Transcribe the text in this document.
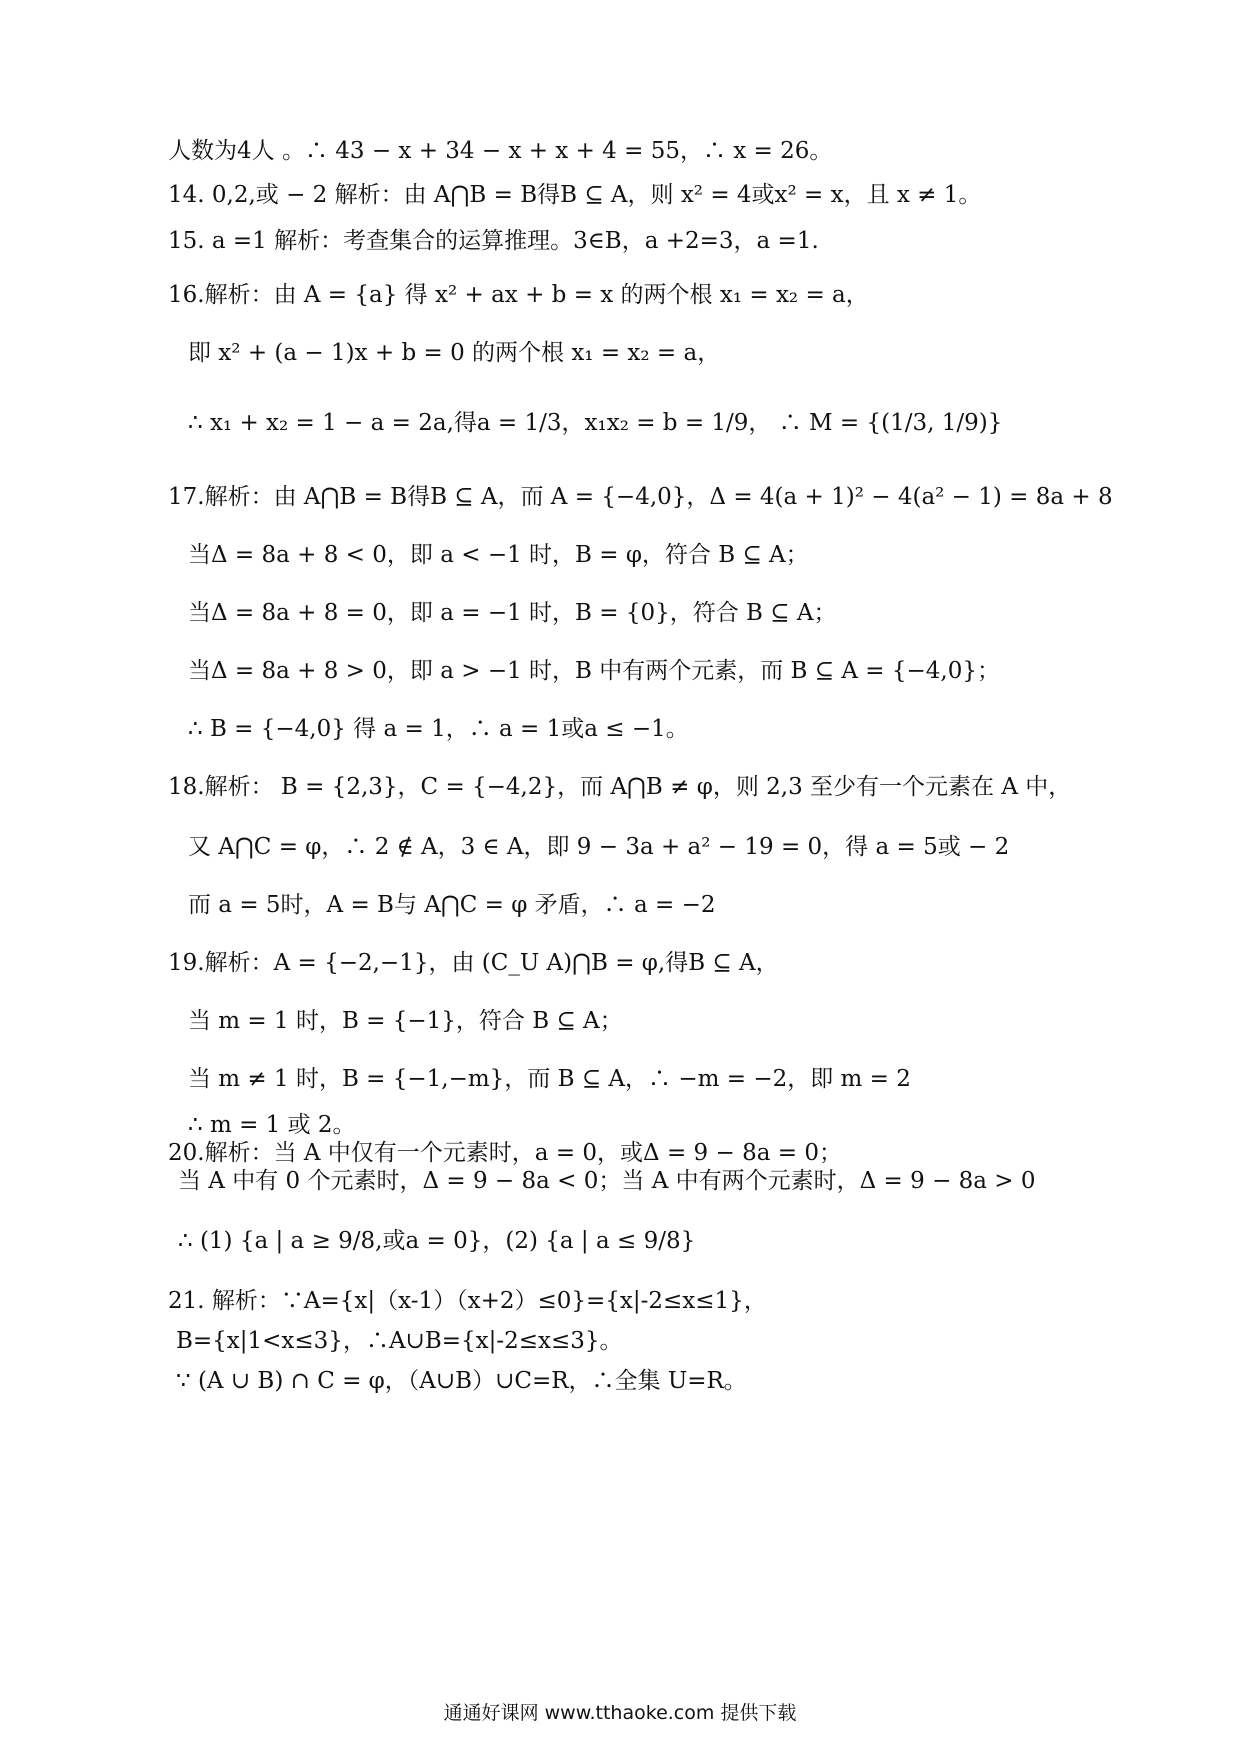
人数为4人 。∴ 43 − x + 34 − x + x + 4 = 55，∴ x = 26。
14. 0,2,或 − 2 解析：由 A⋂B = B得B ⊆ A，则 x² = 4或x² = x，且 x ≠ 1。
15. a =1 解析：考查集合的运算推理。3∈B，a +2=3，a =1.
16.解析：由 A = {a} 得 x² + ax + b = x 的两个根 x₁ = x₂ = a，
即 x² + (a − 1)x + b = 0 的两个根 x₁ = x₂ = a，
∴ x₁ + x₂ = 1 − a = 2a,得a = 1/3，x₁x₂ = b = 1/9， ∴ M = {(1/3, 1/9)}
17.解析：由 A⋂B = B得B ⊆ A，而 A = {−4,0}，Δ = 4(a + 1)² − 4(a² − 1) = 8a + 8
当Δ = 8a + 8 < 0，即 a < −1 时，B = φ，符合 B ⊆ A；
当Δ = 8a + 8 = 0，即 a = −1 时，B = {0}，符合 B ⊆ A；
当Δ = 8a + 8 > 0，即 a > −1 时，B 中有两个元素，而 B ⊆ A = {−4,0}；
∴ B = {−4,0} 得 a = 1，∴ a = 1或a ≤ −1。
18.解析： B = {2,3}，C = {−4,2}，而 A⋂B ≠ φ，则 2,3 至少有一个元素在 A 中，
又 A⋂C = φ，∴ 2 ∉ A，3 ∈ A，即 9 − 3a + a² − 19 = 0，得 a = 5或 − 2
而 a = 5时，A = B与 A⋂C = φ 矛盾，∴ a = −2
19.解析：A = {−2,−1}，由 (C_U A)⋂B = φ,得B ⊆ A，
当 m = 1 时，B = {−1}，符合 B ⊆ A；
当 m ≠ 1 时，B = {−1,−m}，而 B ⊆ A，∴ −m = −2，即 m = 2
∴ m = 1 或 2。
20.解析：当 A 中仅有一个元素时，a = 0，或Δ = 9 − 8a = 0；
当 A 中有 0 个元素时，Δ = 9 − 8a < 0；当 A 中有两个元素时，Δ = 9 − 8a > 0
∴ (1) {a | a ≥ 9/8,或a = 0}，(2) {a | a ≤ 9/8}
21. 解析：∵A={x|（x-1）（x+2）≤0}={x|-2≤x≤1}，
B={x|1<x≤3}，∴A∪B={x|-2≤x≤3}。
∵ (A ∪ B) ∩ C = φ，（A∪B）∪C=R，∴全集 U=R。
通通好课网 www.tthaoke.com 提供下载
